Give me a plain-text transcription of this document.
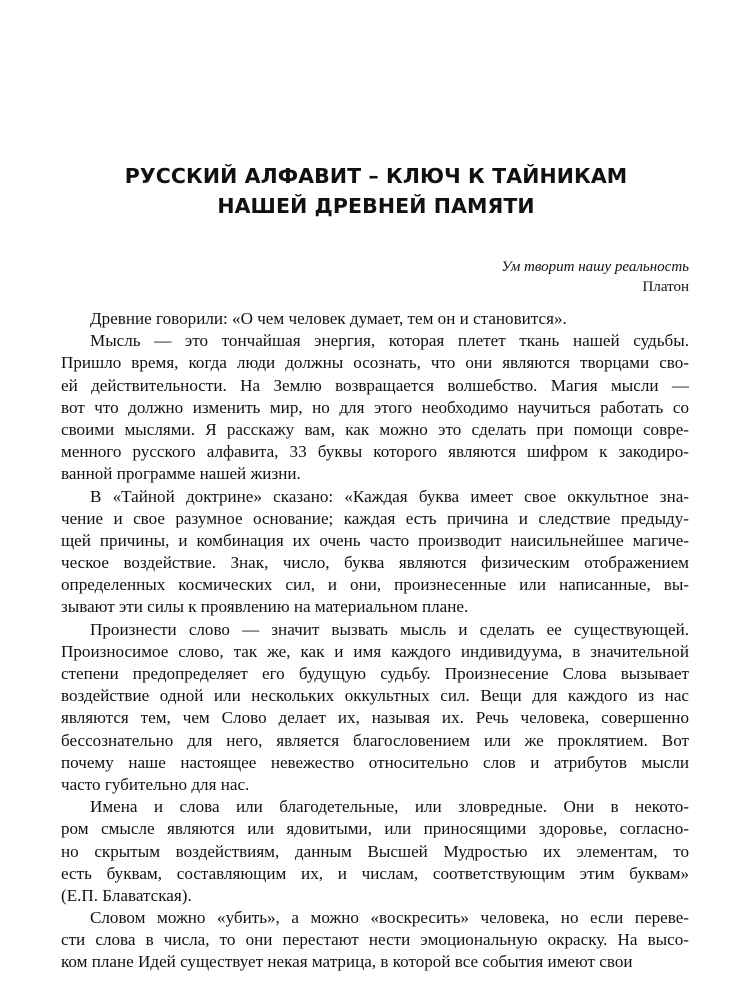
РУССКИЙ АЛФАВИТ – КЛЮЧ К ТАЙНИКАМ
НАШЕЙ ДРЕВНЕЙ ПАМЯТИ
Ум творит нашу реальность
Платон
Древние говорили: «О чем человек думает, тем он и становится».
Мысль — это тончайшая энергия, которая плетет ткань нашей судьбы.
Пришло время, когда люди должны осознать, что они являются творцами сво-
ей действительности. На Землю возвращается волшебство. Магия мысли —
вот что должно изменить мир, но для этого необходимо научиться работать со
своими мыслями. Я расскажу вам, как можно это сделать при помощи совре-
менного русского алфавита, 33 буквы которого являются шифром к закодиро-
ванной программе нашей жизни.
В «Тайной доктрине» сказано: «Каждая буква имеет свое оккультное зна-
чение и свое разумное основание; каждая есть причина и следствие предыду-
щей причины, и комбинация их очень часто производит наисильнейшее магиче-
ческое воздействие. Знак, число, буква являются физическим отображением
определенных космических сил, и они, произнесенные или написанные, вы-
зывают эти силы к проявлению на материальном плане.
Произнести слово — значит вызвать мысль и сделать ее существующей.
Произносимое слово, так же, как и имя каждого индивидуума, в значительной
степени предопределяет его будущую судьбу. Произнесение Слова вызывает
воздействие одной или нескольких оккультных сил. Вещи для каждого из нас
являются тем, чем Слово делает их, называя их. Речь человека, совершенно
бессознательно для него, является благословением или же проклятием. Вот
почему наше настоящее невежество относительно слов и атрибутов мысли
часто губительно для нас.
Имена и слова или благодетельные, или зловредные. Они в некото-
ром смысле являются или ядовитыми, или приносящими здоровье, согласно-
но скрытым воздействиям, данным Высшей Мудростью их элементам, то
есть буквам, составляющим их, и числам, соответствующим этим буквам»
(Е.П. Блаватская).
Словом можно «убить», а можно «воскресить» человека, но если переве-
сти слова в числа, то они перестают нести эмоциональную окраску. На высо-
ком плане Идей существует некая матрица, в которой все события имеют свои
